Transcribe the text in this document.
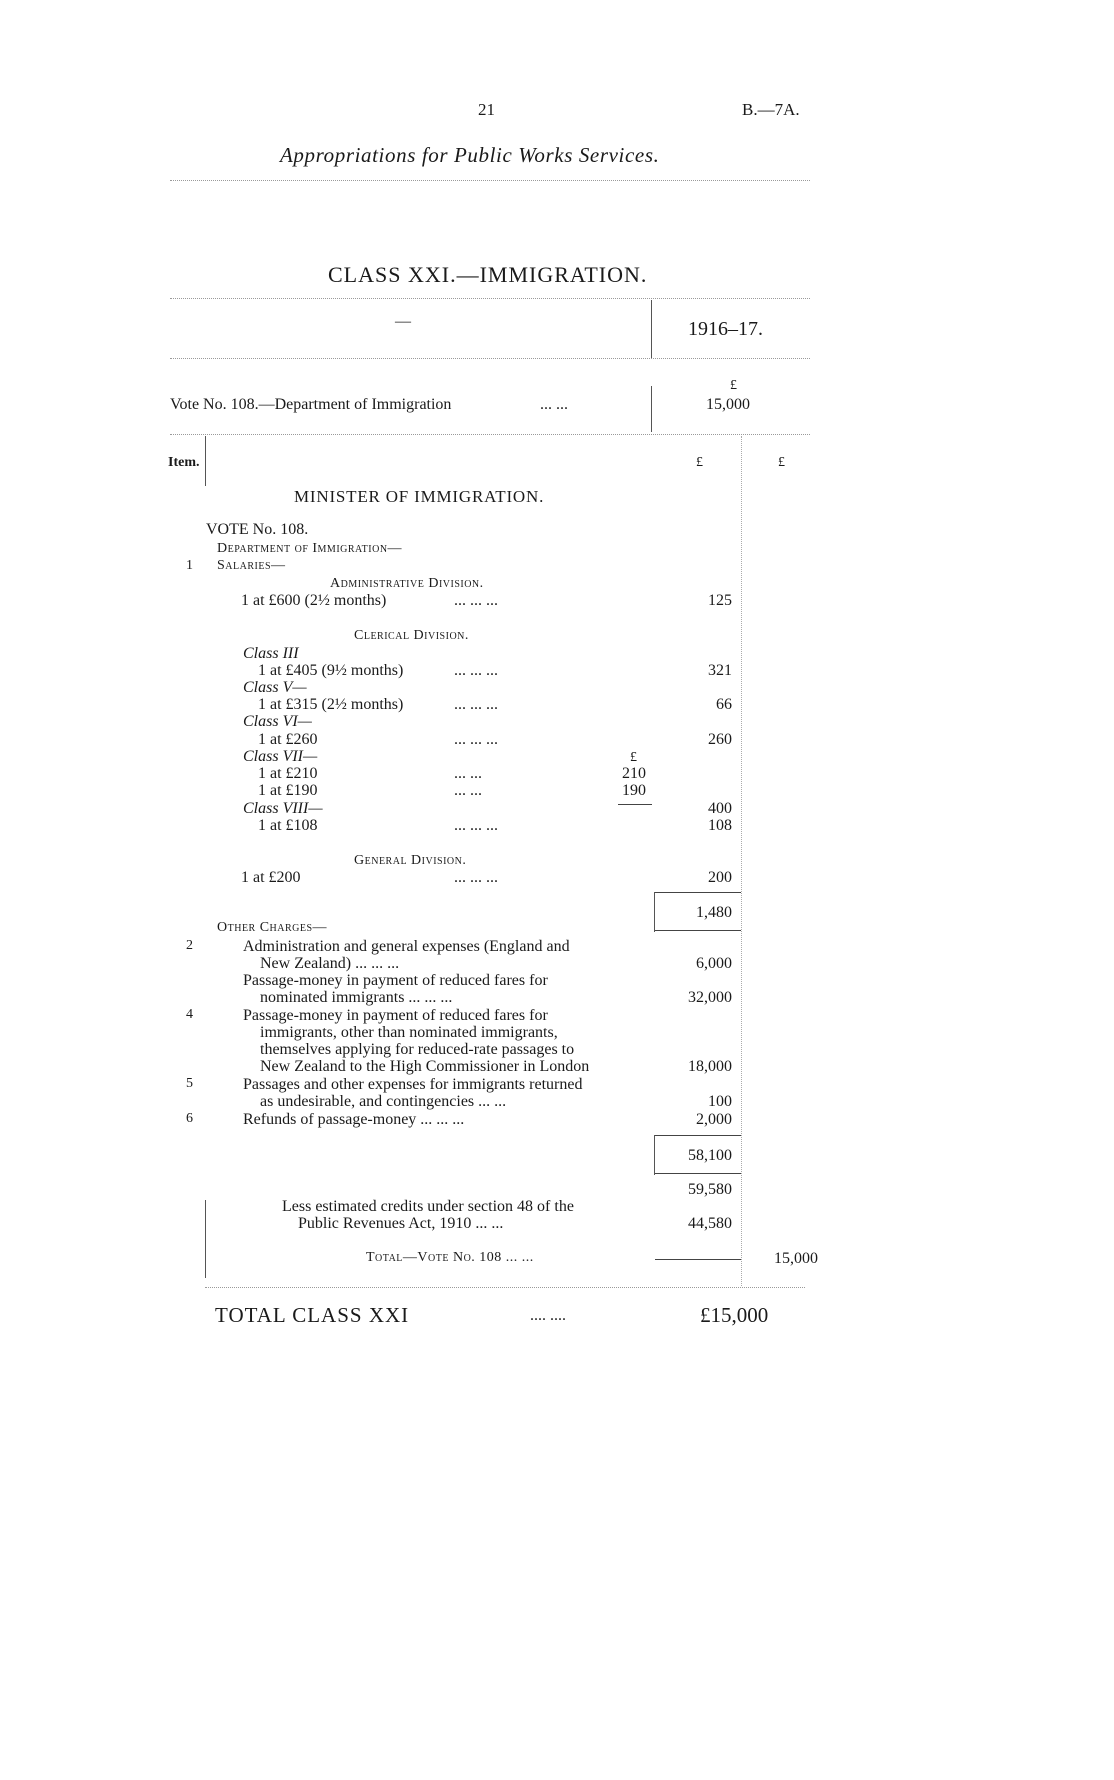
21	B.—7A.
Appropriations for Public Works Services.
CLASS XXI.—IMMIGRATION.
—	1916–17.
£
Vote No. 108.—Department of Immigration	... ...	15,000
Item.	£	£
MINISTER OF IMMIGRATION.
VOTE No. 108.
Department of Immigration—
1 Salaries—
Administrative Division.
1 at £600 (2½ months)	... ... ...	125
Clerical Division.
Class III
1 at £405 (9½ months)	... ... ...	321
Class V—
1 at £315 (2½ months)	... ... ...	66
Class VI—
1 at £260	... ... ...	260
Class VII—	£
1 at £210	... ...	210
1 at £190	... ...	190
Class VIII—	400
1 at £108	... ... ...	108
General Division.
1 at £200	... ... ...	200
1,480
Other Charges—
2	Administration and general expenses (England and
New Zealand) ... ... ...	6,000
Passage-money in payment of reduced fares for
nominated immigrants ... ... ...	32,000
4	Passage-money in payment of reduced fares for
immigrants, other than nominated immigrants,
themselves applying for reduced-rate passages to
New Zealand to the High Commissioner in London	18,000
5	Passages and other expenses for immigrants returned
as undesirable, and contingencies ... ...	100
6	Refunds of passage-money ... ... ...	2,000
58,100
59,580
Less estimated credits under section 48 of the
Public Revenues Act, 1910 ... ...	44,580
Total—Vote No. 108 ... ...	15,000
TOTAL CLASS XXI	.... ....	£15,000
